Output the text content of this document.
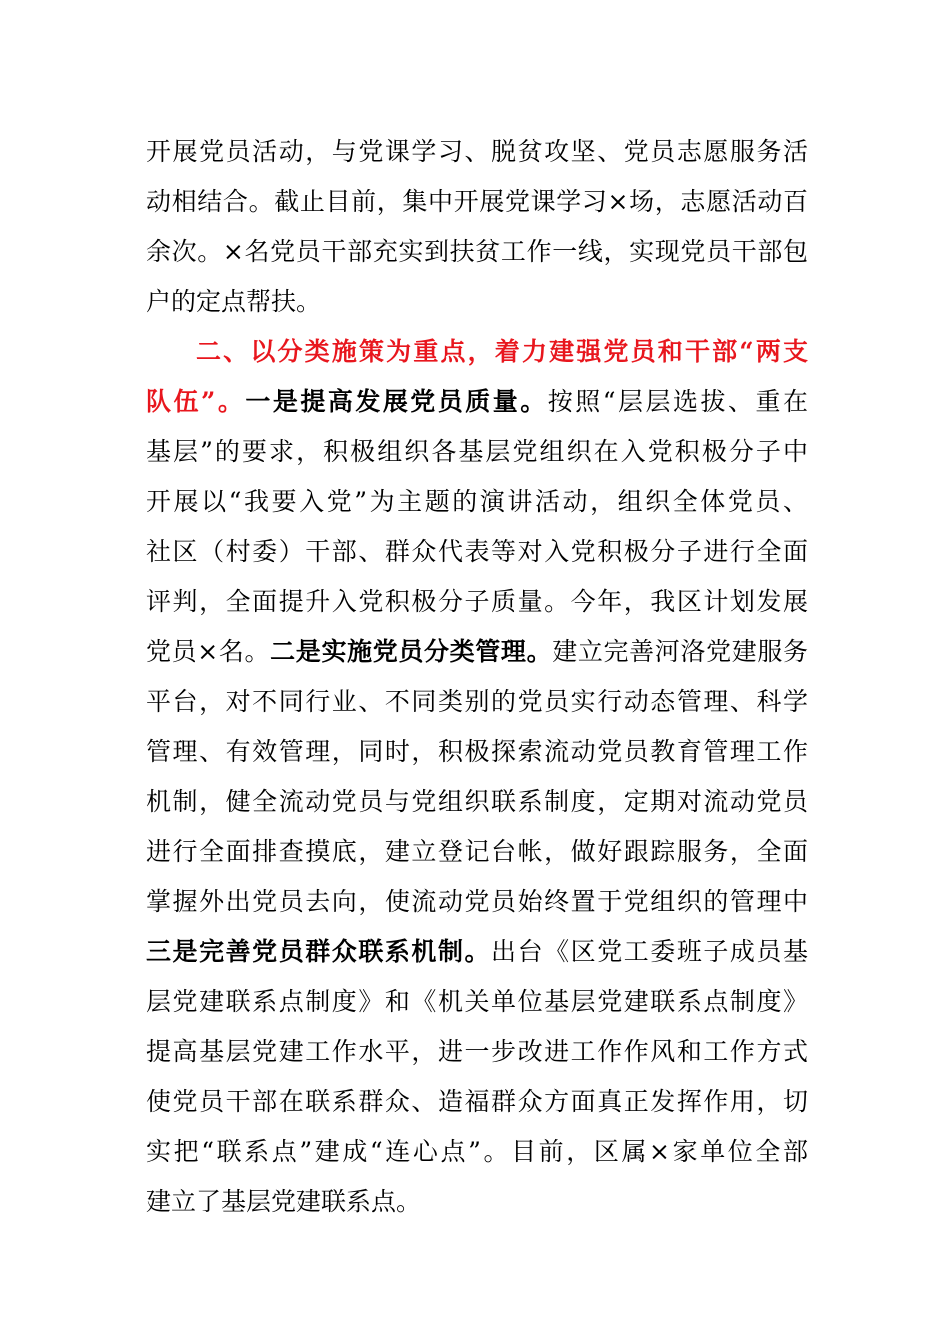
开展党员活动，与党课学习、脱贫攻坚、党员志愿服务活
动相结合。截止目前，集中开展党课学习×场，志愿活动百
余次。×名党员干部充实到扶贫工作一线，实现党员干部包
户的定点帮扶。
二、以分类施策为重点，着力建强党员和干部“两支
队伍”。一是提高发展党员质量。按照“层层选拔、重在
基层”的要求，积极组织各基层党组织在入党积极分子中
开展以“我要入党”为主题的演讲活动，组织全体党员、
社区（村委）干部、群众代表等对入党积极分子进行全面
评判，全面提升入党积极分子质量。今年，我区计划发展
党员×名。二是实施党员分类管理。建立完善河洛党建服务
平台，对不同行业、不同类别的党员实行动态管理、科学
管理、有效管理，同时，积极探索流动党员教育管理工作
机制，健全流动党员与党组织联系制度，定期对流动党员
进行全面排查摸底，建立登记台帐，做好跟踪服务，全面
掌握外出党员去向，使流动党员始终置于党组织的管理中
三是完善党员群众联系机制。出台《区党工委班子成员基
层党建联系点制度》和《机关单位基层党建联系点制度》
提高基层党建工作水平，进一步改进工作作风和工作方式
使党员干部在联系群众、造福群众方面真正发挥作用，切
实把“联系点”建成“连心点”。目前，区属×家单位全部
建立了基层党建联系点。
